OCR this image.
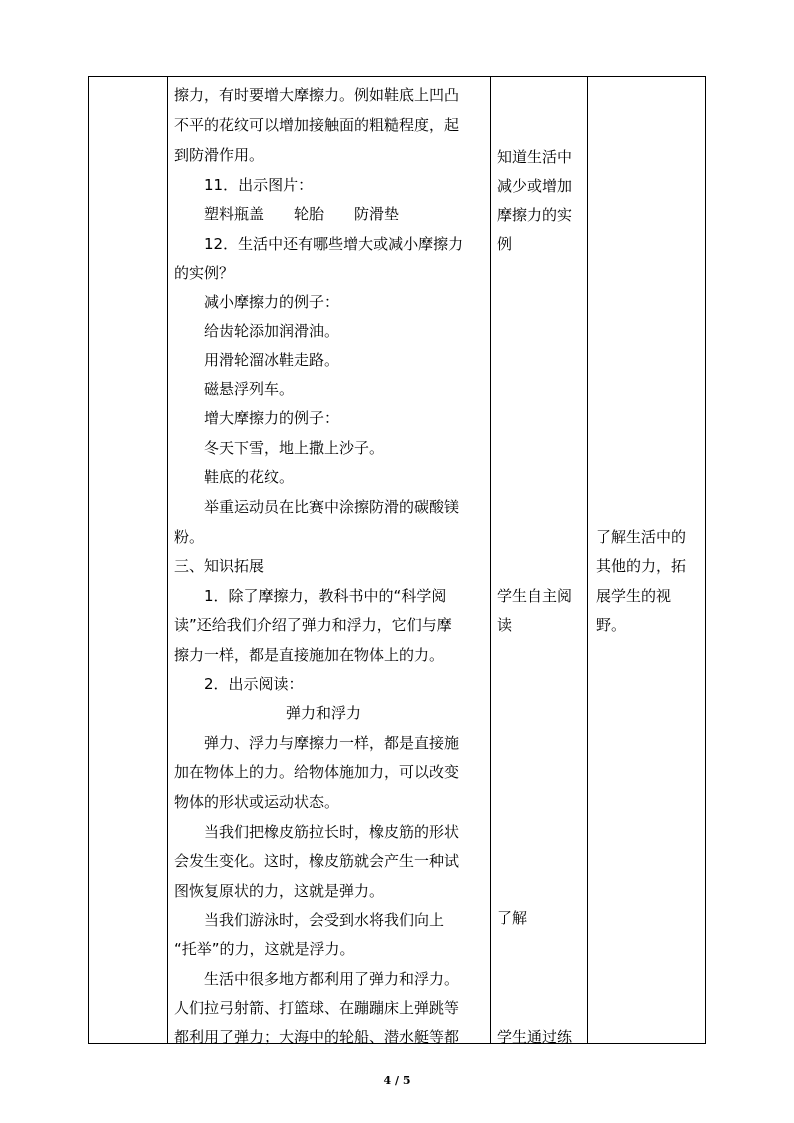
擦力，有时要增大摩擦力。例如鞋底上凹凸
不平的花纹可以增加接触面的粗糙程度，起
到防滑作用。
11．出示图片：
塑料瓶盖　　轮胎　　防滑垫
12．生活中还有哪些增大或减小摩擦力
的实例？
减小摩擦力的例子：
给齿轮添加润滑油。
用滑轮溜冰鞋走路。
磁悬浮列车。
增大摩擦力的例子：
冬天下雪，地上撒上沙子。
鞋底的花纹。
举重运动员在比赛中涂擦防滑的碳酸镁
粉。
三、知识拓展
1．除了摩擦力，教科书中的“科学阅
读”还给我们介绍了弹力和浮力，它们与摩
擦力一样，都是直接施加在物体上的力。
2．出示阅读：
弹力和浮力
弹力、浮力与摩擦力一样，都是直接施
加在物体上的力。给物体施加力，可以改变
物体的形状或运动状态。
当我们把橡皮筋拉长时，橡皮筋的形状
会发生变化。这时，橡皮筋就会产生一种试
图恢复原状的力，这就是弹力。
当我们游泳时，会受到水将我们向上
“托举”的力，这就是浮力。
生活中很多地方都利用了弹力和浮力。
人们拉弓射箭、打篮球、在蹦蹦床上弹跳等
都利用了弹力；大海中的轮船、潜水艇等都
知道生活中
减少或增加
摩擦力的实
例
学生自主阅
读
了解
学生通过练
了解生活中的
其他的力，拓
展学生的视
野。
4 / 5
